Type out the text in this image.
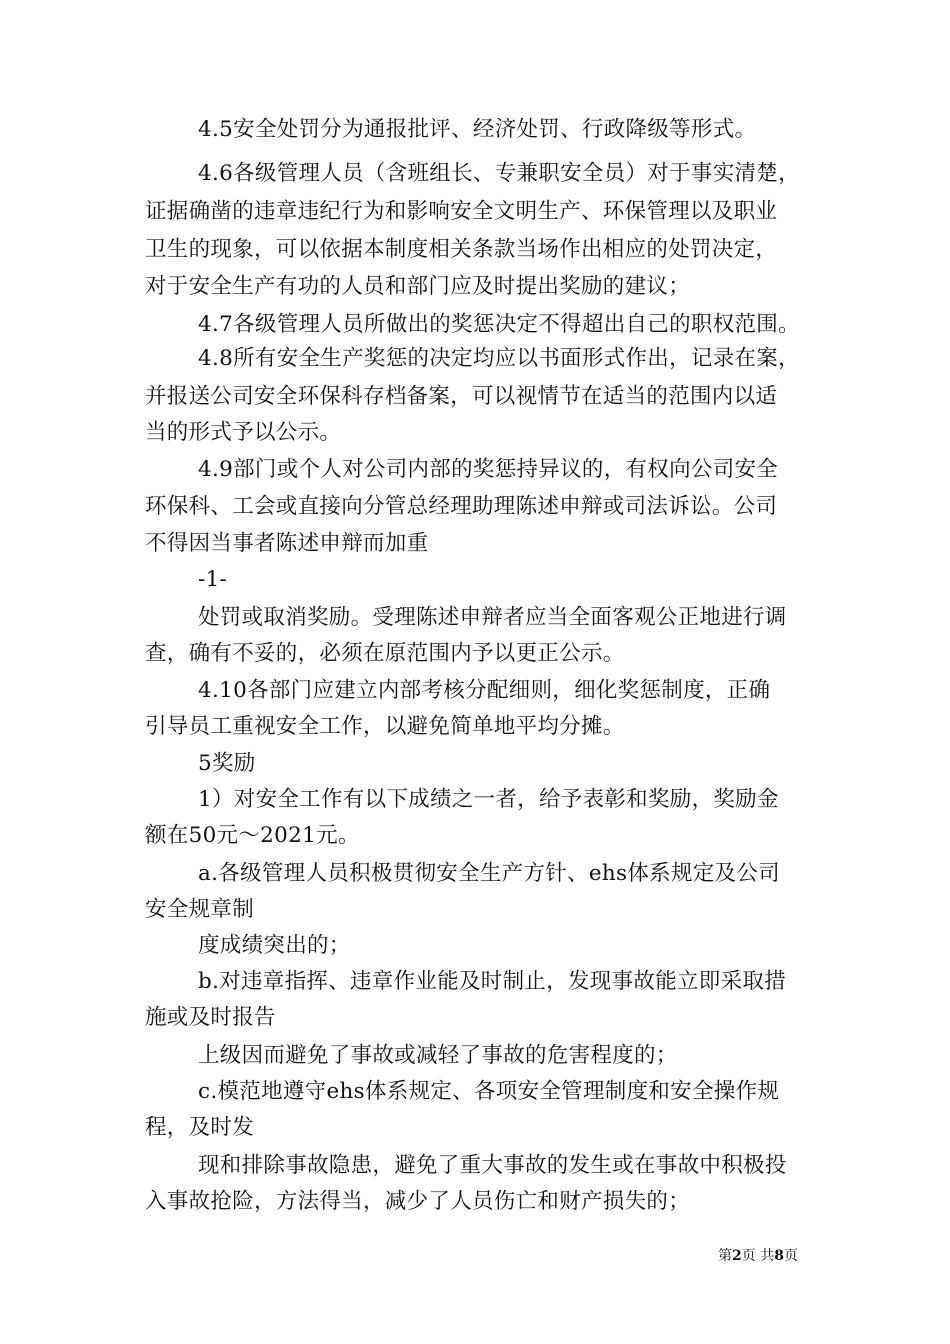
4.5安全处罚分为通报批评、经济处罚、行政降级等形式。
4.6各级管理人员（含班组长、专兼职安全员）对于事实清楚，
证据确凿的违章违纪行为和影响安全文明生产、环保管理以及职业
卫生的现象，可以依据本制度相关条款当场作出相应的处罚决定，
对于安全生产有功的人员和部门应及时提出奖励的建议；
4.7各级管理人员所做出的奖惩决定不得超出自己的职权范围。
4.8所有安全生产奖惩的决定均应以书面形式作出，记录在案，
并报送公司安全环保科存档备案，可以视情节在适当的范围内以适
当的形式予以公示。
4.9部门或个人对公司内部的奖惩持异议的，有权向公司安全
环保科、工会或直接向分管总经理助理陈述申辩或司法诉讼。公司
不得因当事者陈述申辩而加重
-1-
处罚或取消奖励。受理陈述申辩者应当全面客观公正地进行调
查，确有不妥的，必须在原范围内予以更正公示。
4.10各部门应建立内部考核分配细则，细化奖惩制度，正确
引导员工重视安全工作，以避免简单地平均分摊。
5奖励
1）对安全工作有以下成绩之一者，给予表彰和奖励，奖励金
额在50元～2021元。
a.各级管理人员积极贯彻安全生产方针、ehs体系规定及公司
安全规章制
度成绩突出的；
b.对违章指挥、违章作业能及时制止，发现事故能立即采取措
施或及时报告
上级因而避免了事故或减轻了事故的危害程度的；
c.模范地遵守ehs体系规定、各项安全管理制度和安全操作规
程，及时发
现和排除事故隐患，避免了重大事故的发生或在事故中积极投
入事故抢险，方法得当，减少了人员伤亡和财产损失的；
第2页 共8页
